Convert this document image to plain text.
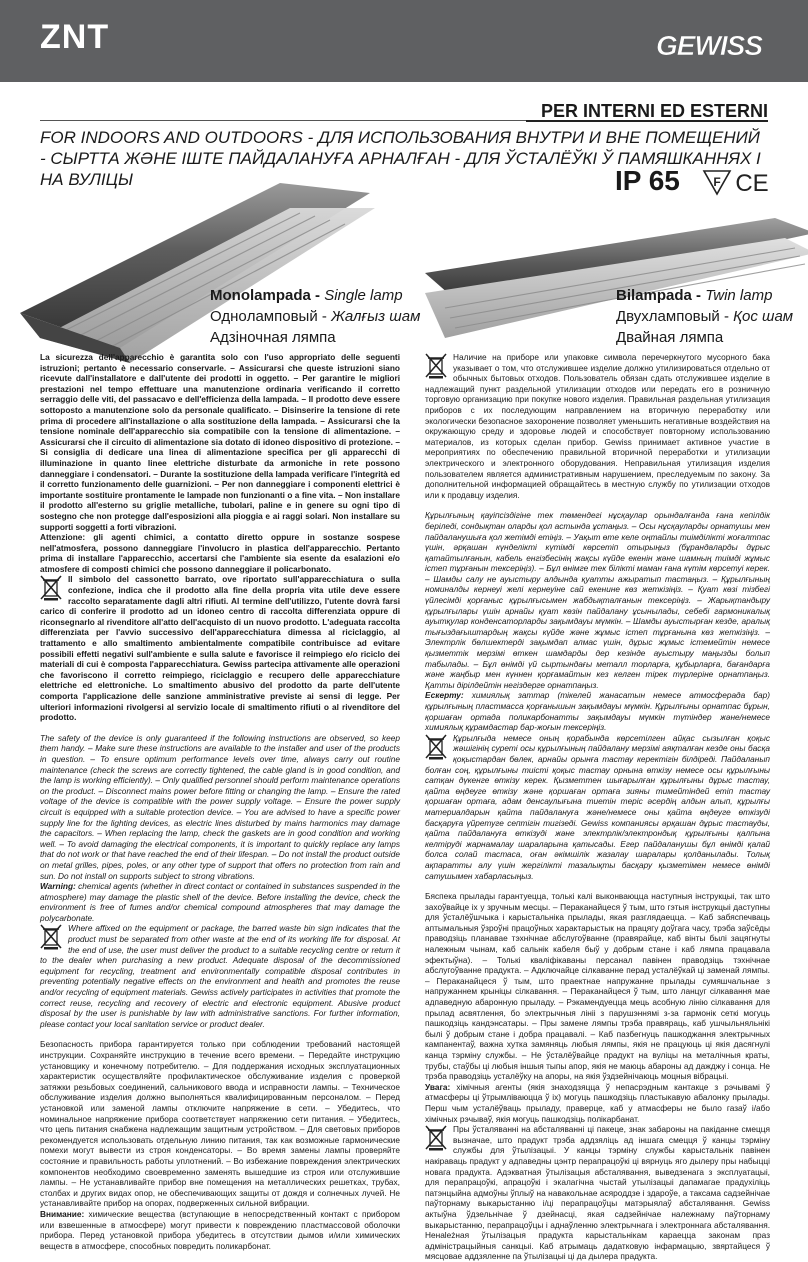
ZNT	GEWISS
PER INTERNI ED ESTERNI
FOR INDOORS AND OUTDOORS - ДЛЯ ИСПОЛЬЗОВАНИЯ ВНУТРИ И ВНЕ ПОМЕЩЕНИЙ - СЫРТТА ЖӘНЕ ІШТЕ ПАЙДАЛАНУҒА АРНАЛҒАН - ДЛЯ ЎСТАЛЁЎКІ Ў ПАМЯШКАННЯХ І НА ВУЛІЦЫ	IP 65	F CE
Monolampada - Single lamp
Однoламповый - Жалғыз шам
Адзіночная лямпа
Bilampada - Twin lamp
Двухламповый - Қос шам
Двайная лямпа

La sicurezza dell'apparecchio è garantita solo con l'uso appropriato delle seguenti istruzioni; pertanto è necessario conservarle. – Assicurarsi che queste istruzioni siano ricevute dall'installatore e dall'utente dei prodotti in oggetto. – Per garantire le migliori prestazioni nel tempo effettuare una manutenzione ordinaria verificando il corretto serraggio delle viti, del passacavo e dell'efficienza della lampada. – Il prodotto deve essere sottoposto a manutenzione solo da personale qualificato. – Disinserire la tensione di rete prima di procedere all'installazione o alla sostituzione della lampada. – Assicurarsi che la tensione nominale dell'apparecchio sia compatibile con la tensione di alimentazione. – Assicurarsi che il circuito di alimentazione sia dotato di idoneo dispositivo di protezione. – Si consiglia di dedicare una linea di alimentazione specifica per gli apparecchi di illuminazione in quanto linee elettriche disturbate da armoniche in rete possono danneggiare i condensatori. – Durante la sostituzione della lampada verificare l'integrità ed il corretto funzionamento delle guarnizioni. – Per non danneggiare i componenti elettrici è importante sostituire prontamente le lampade non funzionanti o a fine vita. – Non installare il prodotto all'esterno su griglie metalliche, tubolari, paline e in genere su ogni tipo di sostegno che non protegge dall'esposizioni alla pioggia e ai raggi solari. Non installare su supporti soggetti a forti vibrazioni.

Attenzione: gli agenti chimici, a contatto diretto oppure in sostanze sospese nell'atmosfera, possono danneggiare l'involucro in plastica dell'apparecchio. Pertanto prima di installare l'apparecchio, accertarsi che l'ambiente sia esente da esalazioni e/o atmosfere di composti chimici che possono danneggiare il policarbonato.

Il simbolo del cassonetto barrato, ove riportato sull'apparecchiatura o sulla confezione, indica che il prodotto alla fine della propria vita utile deve essere raccolto separatamente dagli altri rifiuti. Al termine dell'utilizzo, l'utente dovrà farsi carico di conferire il prodotto ad un idoneo centro di raccolta differenziata oppure di riconsegnarlo al rivenditore all'atto dell'acquisto di un nuovo prodotto. L'adeguata raccolta differenziata per l'avvio successivo dell'apparecchiatura dimessa al riciclaggio, al trattamento e allo smaltimento ambientalmente compatibile contribuisce ad evitare possibili effetti negativi sull'ambiente e sulla salute e favorisce il reimpiego e/o riciclo dei materiali di cui è composta l'apparecchiatura. Gewiss partecipa attivamente alle operazioni che favoriscono il corretto reimpiego, riciclaggio e recupero delle apparecchiature elettriche ed elettroniche. Lo smaltimento abusivo del prodotto da parte dell'utente comporta l'applicazione delle sanzione amministrative previste ai sensi di legge. Per ulteriori informazioni rivolgersi al servizio locale di smaltimento rifiuti o al rivenditore del prodotto.

The safety of the device is only guaranteed if the following instructions are observed, so keep them handy. – Make sure these instructions are available to the installer and user of the products in question. – To ensure optimum performance levels over time, always carry out routine maintenance (check the screws are correctly tightened, the cable gland is in good condition, and the lamp is working efficiently). – Only qualified personnel should perform maintenance operations on the product. – Disconnect mains power before fitting or changing the lamp. – Ensure the rated voltage of the device is compatible with the power supply voltage. – Ensure the power supply circuit is equipped with a suitable protection device. – You are advised to have a specific power supply line for the lighting devices, as electric lines disturbed by mains harmonics may damage the capacitors. – When replacing the lamp, check the gaskets are in good condition and working well. – To avoid damaging the electrical components, it is important to quickly replace any lamps that do not work or that have reached the end of their lifespan. – Do not install the product outside on metal grilles, pipes, poles, or any other type of support that offers no protection from rain and sun. Do not install on supports subject to strong vibrations.

Warning: chemical agents (whether in direct contact or contained in substances suspended in the atmosphere) may damage the plastic shell of the device. Before installing the device, check the environment is free of fumes and/or chemical compound atmospheres that may damage the polycarbonate.

Where affixed on the equipment or package, the barred waste bin sign indicates that the product must be separated from other waste at the end of its working life for disposal. At the end of use, the user must deliver the product to a suitable recycling centre or return it to the dealer when purchasing a new product. Adequate disposal of the decommissioned equipment for recycling, treatment and environmentally compatible disposal contributes in preventing potentially negative effects on the environment and health and promotes the reuse and/or recycling of equipment materials. Gewiss actively participates in activities that promote the correct reuse, recycling and recovery of electric and electronic equipment. Abusive product disposal by the user is punishable by law with administrative sanctions. For further information, please contact your local sanitation service or product dealer.

Безопасность прибора гарантируется только при соблюдении требований настоящей инструкции. Сохраняйте инструкцию в течение всего времени. – Передайте инструкцию установщику и конечному потребителю. – Для поддержания исходных эксплуатационных характеристик осуществляйте профилактическое обслуживание изделия с проверкой затяжки резьбовых соединений, сальникового ввода и исправности лампы. – Техническое обслуживание изделия должно выполняться квалифицированным персоналом. – Перед установкой или заменой лампы отключите напряжение в сети. – Убедитесь, что номинальное напряжение прибора соответствует напряжению сети питания. – Убедитесь, что цепь питания снабжена надлежащим защитным устройством. – Для световых приборов рекомендуется использовать отдельную линию питания, так как возможные гармонические помехи могут вывести из строя конденсаторы. – Во время замены лампы проверяйте состояние и правильность работы уплотнений. – Во избежание повреждения электрических компонентов необходимо своевременно заменять вышедшие из строя или отслужившие лампы. – Не устанавливайте прибор вне помещения на металлических решетках, трубах, столбах и других видах опор, не обеспечивающих защиты от дождя и солнечных лучей. Не устанавливайте прибор на опорах, подверженных сильной вибрации.

Внимание: химические вещества (вступающие в непосредственный контакт с прибором или взвешенные в атмосфере) могут привести к повреждению пластмассовой оболочки прибора. Перед установкой прибора убедитесь в отсутствии дымов и/или химических веществ в атмосфере, способных повредить поликарбонат.

Наличие на приборе или упаковке символа перечеркнутого мусорного бака указывает о том, что отслужившее изделие должно утилизироваться отдельно от обычных бытовых отходов. Пользователь обязан сдать отслужившее изделие в надлежащий пункт раздельной утилизации отходов или передать его в розничную торговую организацию при покупке нового изделия. Правильная раздельная утилизация приборов с их последующим направлением на вторичную переработку или экологически безопасное захоронение позволяет уменьшить негативные воздействия на окружающую среду и здоровье людей и способствует повторному использованию материалов, из которых сделан прибор. Gewiss принимает активное участие в мероприятиях по обеспечению правильной вторичной переработки и утилизации электрического и электронного оборудования. Неправильная утилизация изделия пользователем является административным нарушением, преследуемым по закону. За дополнительной информацией обращайтесь в местную службу по утилизации отходов или к продавцу изделия.

Құрылғының қауіпсіздігіне тек төмендегі нұсқаулар орындалғанда ғана кепілдік беріледі, сондықтан оларды қол астында ұстаңыз. – Осы нұсқауларды орнатушы мен пайдаланушыға қол жетімді етіңіз. – Уақыт өте келе оңтайлы тиімділікті жоғалтпас үшін, әрқашан күнделікті күтімді көрсетіп отырыңыз (бұрандаларды дұрыс қатайтылғанын, кабель енгізбесінің жақсы күйде екенін және шамның тиімді жұмыс істеп тұрғанын тексеріңіз). – Бұл өнімге тек білікті маман ғана күтім көрсетуі керек. – Шамды салу не ауыстыру алдында қуатты ажыратып тастаңыз. – Құрылғының номиналды кернеуі желі кернеуіне сай екенине көз жеткізіңіз. – Қуат көзі тізбегі үйлесімді қорғаныс құрылғысымен жабдықталғанын тексеріңіз. – Жарықтандыру құрылғылары үшін арнайы қуат көзін пайдалану ұсынылады, себебі гармоникалық ауытқулар конденсаторларды зақымдауы мүмкін. – Шамды ауыстырған кезде, аралық тығыздағыштардың жақсы күйде және жұмыс істеп тұрғанына көз жеткізіңіз. – Электрлік бөлшектерді зақымдап алмас үшін, дұрыс жұмыс істемейтін немесе қызметтік мерзімі өткен шамдарды дер кезінде ауыстыру маңызды болып табылады. – Бұл өнімді үй сыртындағы металл торларға, құбырларға, бағандарға және жаңбыр мен күннен қорғамайтын кез келген тірек түрлеріне орнатпаңыз. Қатты дірілдейтін негіздерге орнатпаңыз.

Ескерту: химиялық заттар (тікелей жанасатын немесе атмосферада бар) құрылғының пластмасса қорғанышын зақымдауы мүмкін. Құрылғыны орнатпас бұрын, қоршаған ортада поликарбонатты зақымдауы мүмкін түтіндер және/немесе химиялық құрамдастар бар-жоғын тексеріңіз.

Құрылғыда немесе оның қорабында көрсетілген айқас сызылған қоқыс жәшігінің суреті осы құрылғының пайдалану мерзімі аяқталған кезде оны басқа қоқыстардан бөлек, арнайы орынға тастау керектігін білдіреді. Пайдаланып болған соң, құрылғыны тиісті қоқыс тастау орнына өткізу немесе осы құрылғыны сатқан дүкенге өткізу керек. Қызметтен шығарылған құрылғыны дұрыс тастау, қайта өңдеуге өткізу және қоршаған ортаға зияны тимейтіндей етіп тастау қоршаған ортаға, адам денсаулығына тиетін теріс әсердің алдын алып, құрылғы материалдарын қайта пайдалануға және/немесе оны қайта өңдеуге өткізуді басқаруға үйретуге септігін тигізеді. Gewiss компаниясы әрқашан дұрыс тастауды, қайта пайдалануға өткізуді және электрлік/электрондық құрылғыны қалпына келтіруді жарнамалау шараларына қатысады. Егер пайдаланушы бұл өнімді қалай болса солай тастаса, оған әкімшілік жазалау шаралары қолданылады. Толық ақпаратты алу үшін жергілікті тазалықты басқару қызметімен немесе өнімді сатушымен хабарласыңыз.

Бяспека прылады гарантуецца, толькі калі выконваюцца наступныя інструкцыі, так што захоўвайце іх у зручным месцы. – Пераканайцеся ў тым, што гэтыя інструкцыі даступны для ўсталёўшчыка і карыстальніка прылады, якая разглядаецца. – Каб забяспечваць аптымальныя ўзроўні працоўных характарыстык на працягу доўгага часу, трэба заўсёды праводзіць планавае тэхнічнае абслугоўванне (правярайце, каб вінты былі зацягнуты належным чынам, каб сальнік кабеля быў у добрым стане і каб лямпа працавала эфектыўна). – Толькі кваліфікаваны персанал павінен праводзіць тэхнічнае абслугоўванне прадукта. – Адключайце сілкаванне перад усталёўкай ці заменай лямпы. – Пераканайцеся ў тым, што праектнае напружанне прылады сумяшчальнае з напружаннем крыніцы сілкавання. – Пераканайцеся ў тым, што ланцуг сілкавання мае адпаведную абаронную прыладу. – Рэкамендуецца мець асобную лінію сілкавання для прылад асвятлення, бо электрычныя лініі з парушэннямі з-за гармонік сеткі могуць пашкодзіць кандэнсатары. – Пры замене лямпы трэба правяраць, каб ушчыльняльнікі былі ў добрым стане і добра працавалі. – Каб пазбегнуць пашкоджання электрычных кампанентаў, важна хутка замяняць любыя лямпы, якія не працуюць ці якія дасягнулі канца тэрміну службы. – Не ўсталёўвайце прадукт на вуліцы на металічныя краты, трубы, стаўбы ці любыя іншыя тыпы апор, якія не маюць абароны ад дажджу і сонца. Не трэба праводзіць усталёўку на апоры, на якія ўздзейнічаюць моцныя вібрацыі.

Увага: хімічныя агенты (якія знаходзяцца ў непасрэдным кантакце з рэчывамі ў атмасферы ці ўтрымліваюцца ў іх) могуць пашкодзіць пластыкавую абалонку прылады. Перш чым усталёўваць прыладу, праверце, каб у атмасферы не было газаў і/або хімічных рэчываў, якія могуць пашкодзіць полікарбанат.

Пры ўсталяванні на абсталяванні ці пакеце, знак забароны на пакіданне смецця вызначае, што прадукт трэба аддзяліць ад іншага смецця ў канцы тэрміну службы для ўтылізацыі. У канцы тэрміну службы карыстальнік павінен накіраваць прадукт у адпаведны цэнтр перапрацоўкі ці вярнуць яго дылеру пры набыцці новага прадукта. Адэкватная ўтылізацыя абсталявання, выведзенага з эксплуатацыі, для перапрацоўкі, апрацоўкі і экалагічна чыстай утылізацыі дапамагае прадухіліць патэнцыйна адмоўны ўплыў на навакольнае асяроддзе і здароўе, а таксама садзейнічае паўторнаму выкарыстанню і/ці перапрацоўцы матэрыялаў абсталявання. Gewiss актыўна ўдзельнічае ў дзейнасці, якая садзейнічае належнаму паўторнаму выкарыстанню, перапрацоўцы і аднаўленню электрычнага і электроннага абсталявання. Ненależная ўтылізацыя прадукта карыстальнікам караецца законам праз адміністрацыйныя санкцыі. Каб атрымаць дадатковую інфармацыю, звяртайцеся ў мясцовае аддзяленне па ўтылізацыі ці да дылера прадукта.
